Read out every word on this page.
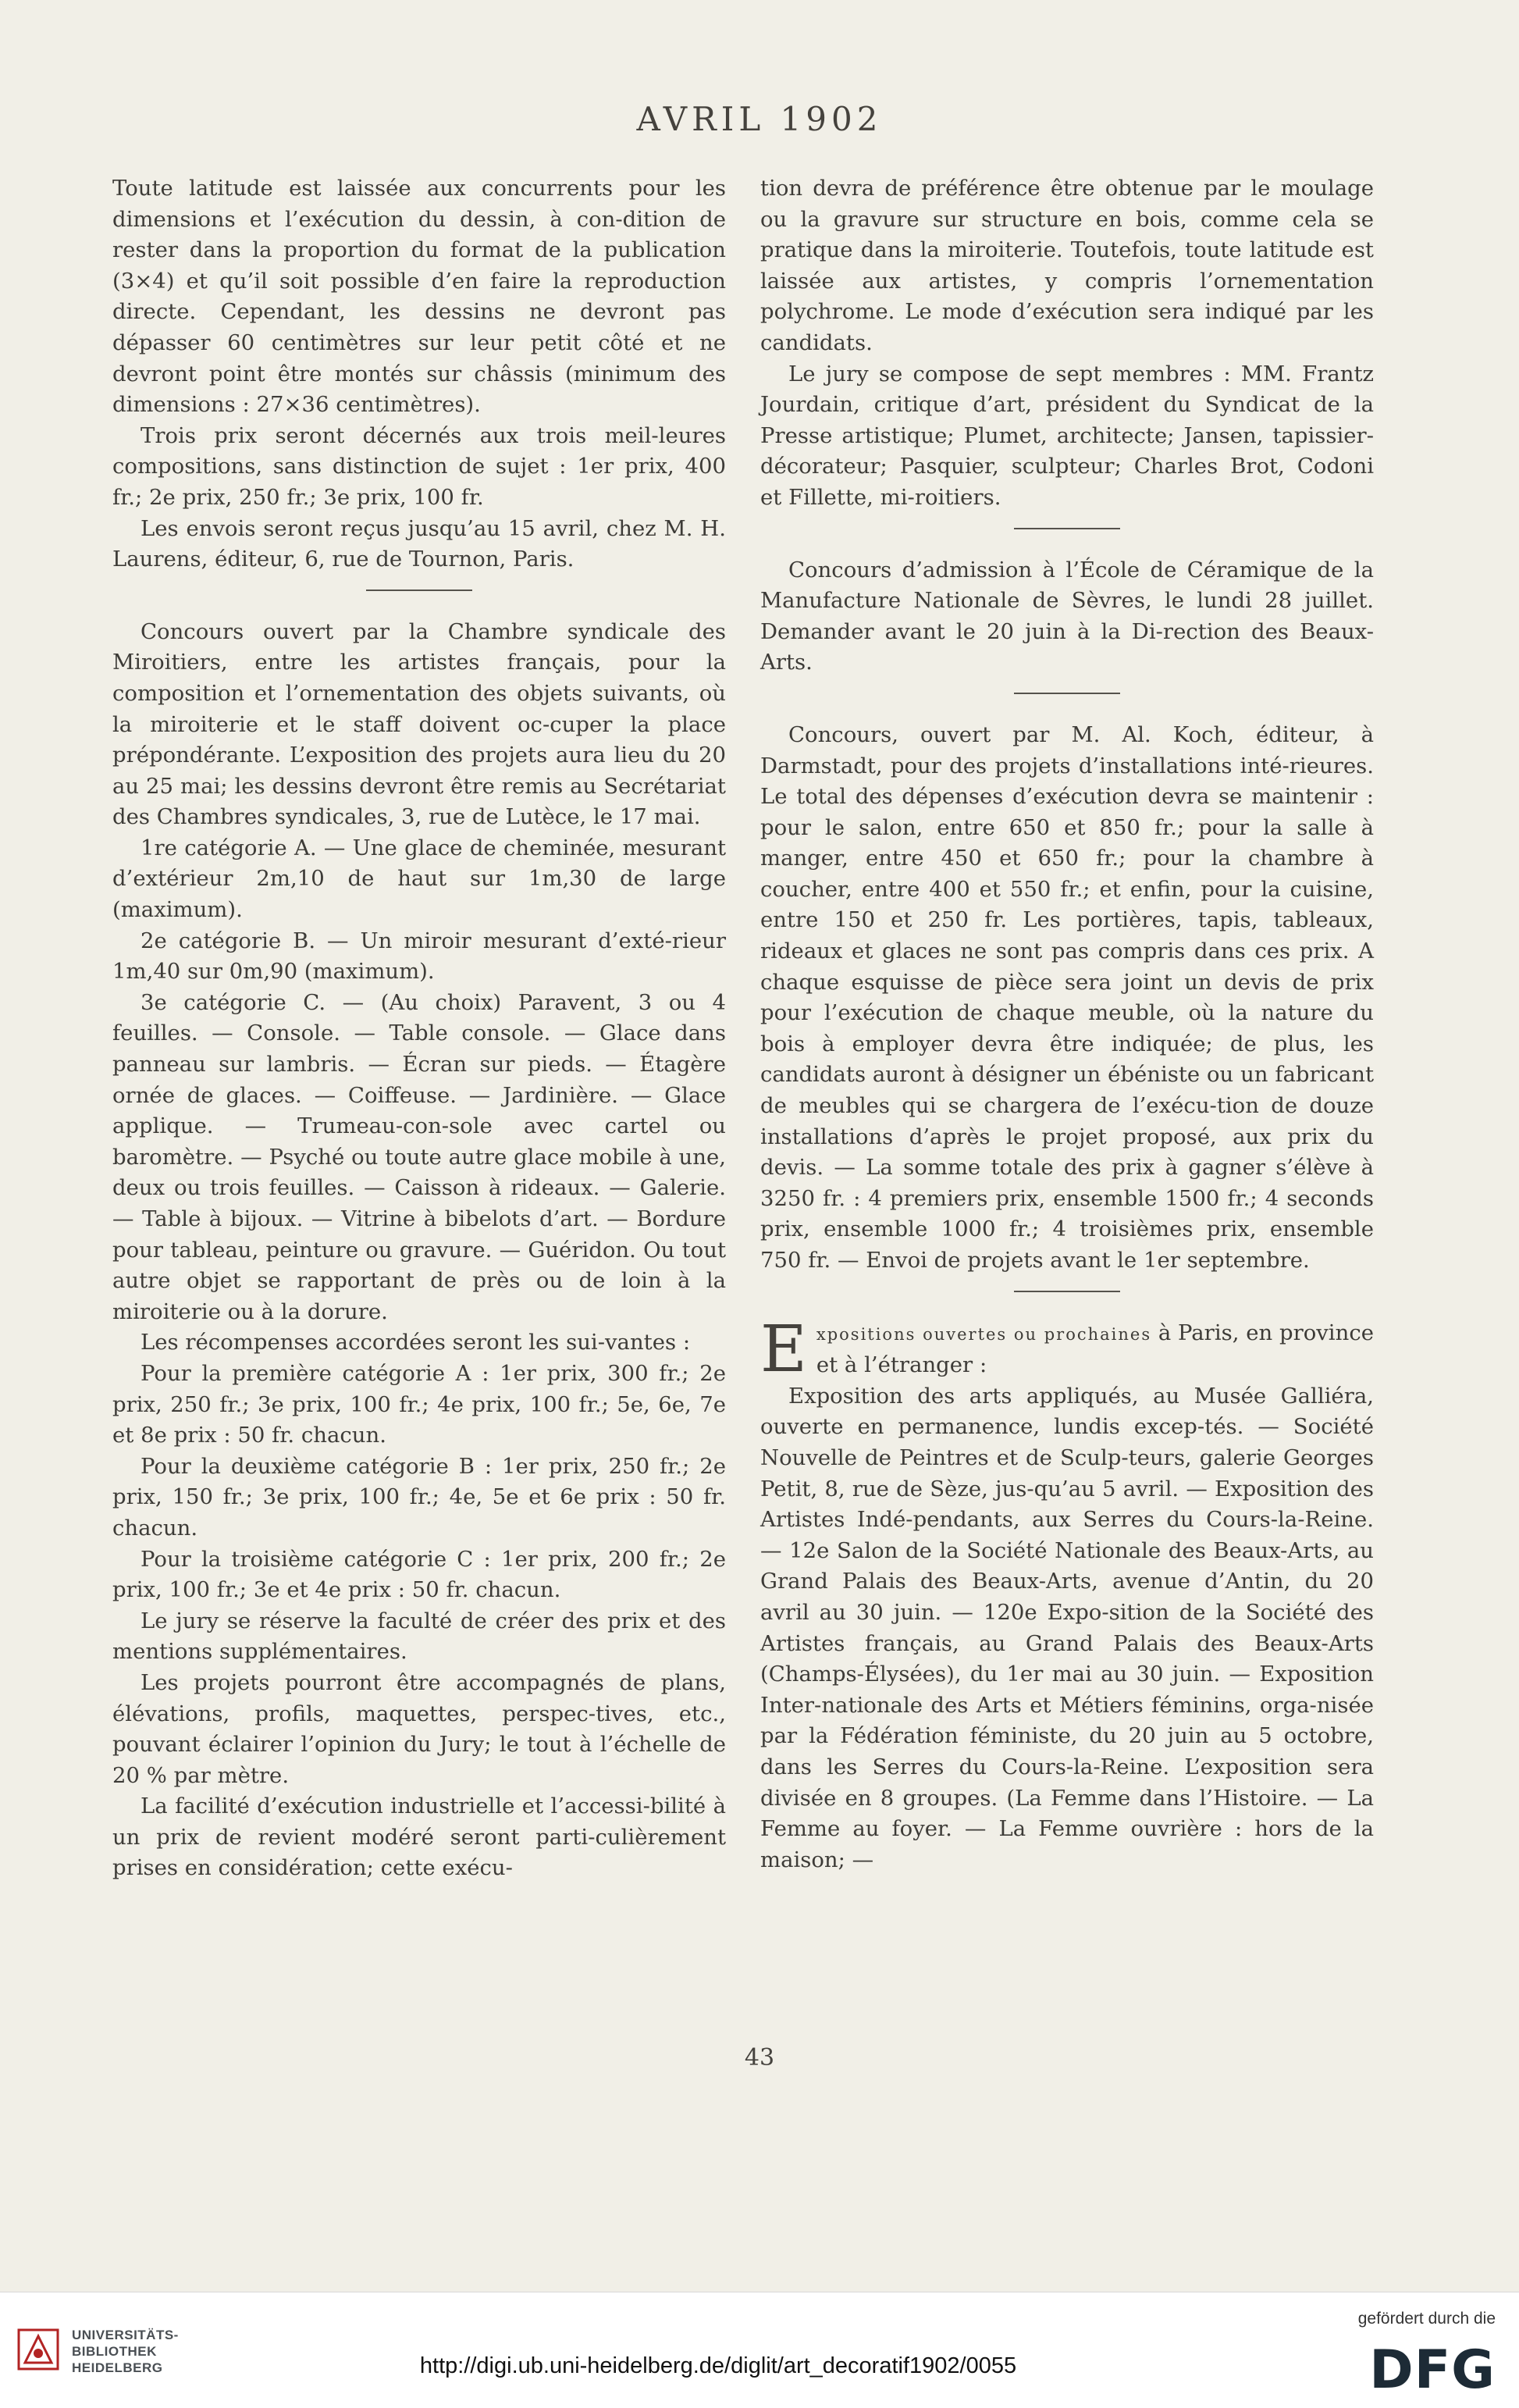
AVRIL 1902

Toute latitude est laissée aux concurrents pour les dimensions et l’exécution du dessin, à con-dition de rester dans la proportion du format de la publication (3×4) et qu’il soit possible d’en faire la reproduction directe. Cependant, les dessins ne devront pas dépasser 60 centimètres sur leur petit côté et ne devront point être montés sur châssis (minimum des dimensions : 27×36 centimètres).

Trois prix seront décernés aux trois meil-leures compositions, sans distinction de sujet : 1er prix, 400 fr.; 2e prix, 250 fr.; 3e prix, 100 fr.

Les envois seront reçus jusqu’au 15 avril, chez M. H. Laurens, éditeur, 6, rue de Tournon, Paris.

Concours ouvert par la Chambre syndicale des Miroitiers, entre les artistes français, pour la composition et l’ornementation des objets suivants, où la miroiterie et le staff doivent oc-cuper la place prépondérante. L’exposition des projets aura lieu du 20 au 25 mai; les dessins devront être remis au Secrétariat des Chambres syndicales, 3, rue de Lutèce, le 17 mai.

1re catégorie A. — Une glace de cheminée, mesurant d’extérieur 2m,10 de haut sur 1m,30 de large (maximum).

2e catégorie B. — Un miroir mesurant d’exté-rieur 1m,40 sur 0m,90 (maximum).

3e catégorie C. — (Au choix) Paravent, 3 ou 4 feuilles. — Console. — Table console. — Glace dans panneau sur lambris. — Écran sur pieds. — Étagère ornée de glaces. — Coiffeuse. — Jardinière. — Glace applique. — Trumeau-con-sole avec cartel ou baromètre. — Psyché ou toute autre glace mobile à une, deux ou trois feuilles. — Caisson à rideaux. — Galerie. — Table à bijoux. — Vitrine à bibelots d’art. — Bordure pour tableau, peinture ou gravure. — Guéridon. Ou tout autre objet se rapportant de près ou de loin à la miroiterie ou à la dorure.

Les récompenses accordées seront les sui-vantes :

Pour la première catégorie A : 1er prix, 300 fr.; 2e prix, 250 fr.; 3e prix, 100 fr.; 4e prix, 100 fr.; 5e, 6e, 7e et 8e prix : 50 fr. chacun.

Pour la deuxième catégorie B : 1er prix, 250 fr.; 2e prix, 150 fr.; 3e prix, 100 fr.; 4e, 5e et 6e prix : 50 fr. chacun.

Pour la troisième catégorie C : 1er prix, 200 fr.; 2e prix, 100 fr.; 3e et 4e prix : 50 fr. chacun.

Le jury se réserve la faculté de créer des prix et des mentions supplémentaires.

Les projets pourront être accompagnés de plans, élévations, profils, maquettes, perspec-tives, etc., pouvant éclairer l’opinion du Jury; le tout à l’échelle de 20 % par mètre.

La facilité d’exécution industrielle et l’accessi-bilité à un prix de revient modéré seront parti-culièrement prises en considération; cette exécu-

tion devra de préférence être obtenue par le moulage ou la gravure sur structure en bois, comme cela se pratique dans la miroiterie. Toutefois, toute latitude est laissée aux artistes, y compris l’ornementation polychrome. Le mode d’exécution sera indiqué par les candidats.

Le jury se compose de sept membres : MM. Frantz Jourdain, critique d’art, président du Syndicat de la Presse artistique; Plumet, architecte; Jansen, tapissier-décorateur; Pasquier, sculpteur; Charles Brot, Codoni et Fillette, mi-roitiers.

Concours d’admission à l’École de Céramique de la Manufacture Nationale de Sèvres, le lundi 28 juillet. Demander avant le 20 juin à la Di-rection des Beaux-Arts.

Concours, ouvert par M. Al. Koch, éditeur, à Darmstadt, pour des projets d’installations inté-rieures. Le total des dépenses d’exécution devra se maintenir : pour le salon, entre 650 et 850 fr.; pour la salle à manger, entre 450 et 650 fr.; pour la chambre à coucher, entre 400 et 550 fr.; et enfin, pour la cuisine, entre 150 et 250 fr. Les portières, tapis, tableaux, rideaux et glaces ne sont pas compris dans ces prix. A chaque esquisse de pièce sera joint un devis de prix pour l’exécution de chaque meuble, où la nature du bois à employer devra être indiquée; de plus, les candidats auront à désigner un ébéniste ou un fabricant de meubles qui se chargera de l’exécu-tion de douze installations d’après le projet proposé, aux prix du devis. — La somme totale des prix à gagner s’élève à 3250 fr. : 4 premiers prix, ensemble 1500 fr.; 4 seconds prix, ensemble 1000 fr.; 4 troisièmes prix, ensemble 750 fr. — Envoi de projets avant le 1er septembre.

Expositions ouvertes ou prochaines à Paris, en province et à l’étranger :

Exposition des arts appliqués, au Musée Galliéra, ouverte en permanence, lundis excep-tés. — Société Nouvelle de Peintres et de Sculp-teurs, galerie Georges Petit, 8, rue de Sèze, jus-qu’au 5 avril. — Exposition des Artistes Indé-pendants, aux Serres du Cours-la-Reine. — 12e Salon de la Société Nationale des Beaux-Arts, au Grand Palais des Beaux-Arts, avenue d’Antin, du 20 avril au 30 juin. — 120e Expo-sition de la Société des Artistes français, au Grand Palais des Beaux-Arts (Champs-Élysées), du 1er mai au 30 juin. — Exposition Inter-nationale des Arts et Métiers féminins, orga-nisée par la Fédération féministe, du 20 juin au 5 octobre, dans les Serres du Cours-la-Reine. L’exposition sera divisée en 8 groupes. (La Femme dans l’Histoire. — La Femme au foyer. — La Femme ouvrière : hors de la maison; —

43
UNIVERSITÄTS-
BIBLIOTHEK
HEIDELBERG	http://digi.ub.uni-heidelberg.de/diglit/art_decoratif1902/0055
gefördert durch die
DFG
